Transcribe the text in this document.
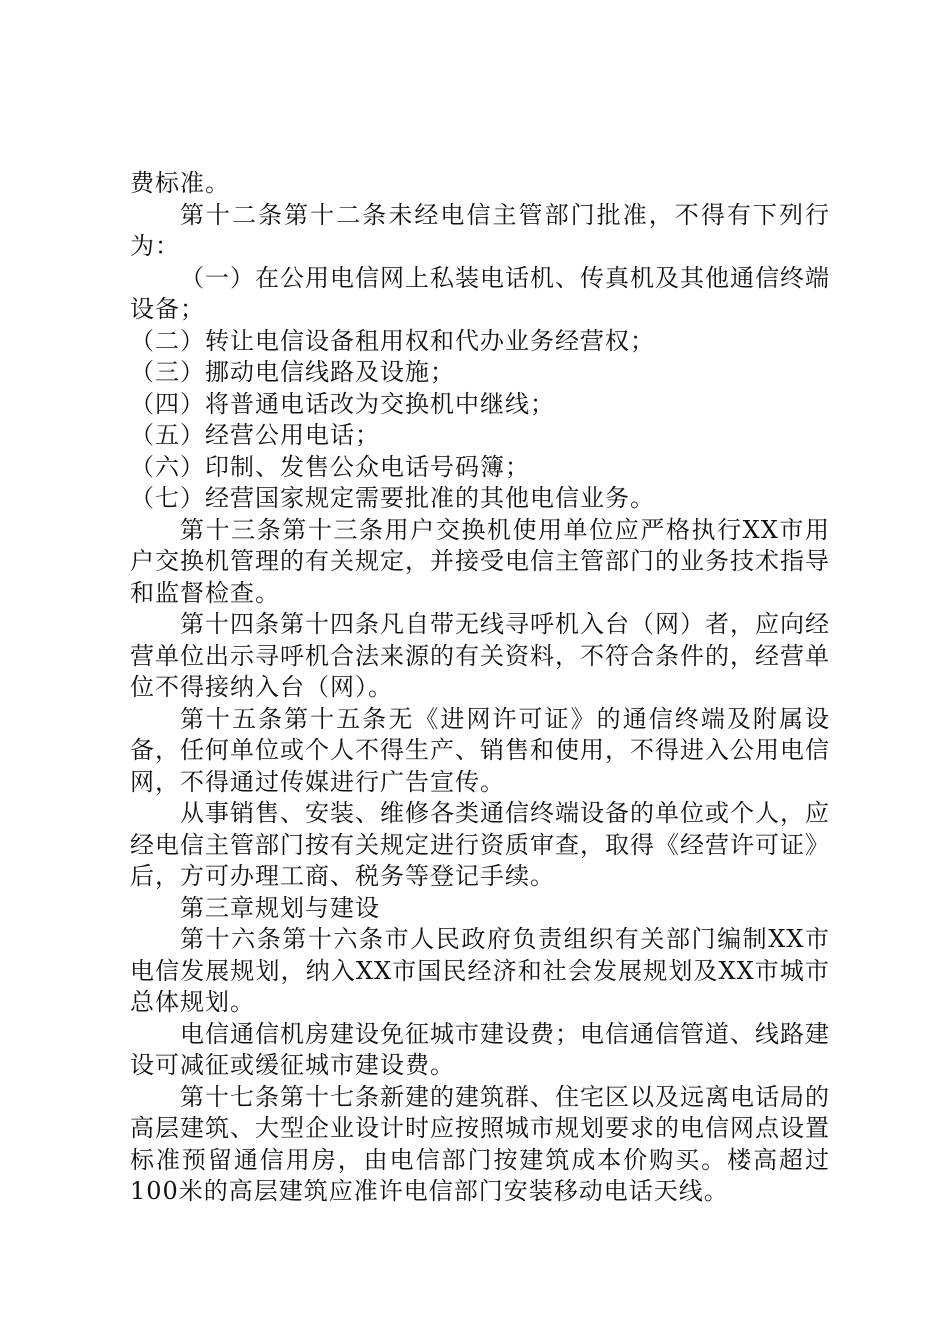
费标准。

第十二条第十二条未经电信主管部门批准，不得有下列行为：

（一）在公用电信网上私装电话机、传真机及其他通信终端设备；

（二）转让电信设备租用权和代办业务经营权；

（三）挪动电信线路及设施；

（四）将普通电话改为交换机中继线；

（五）经营公用电话；

（六）印制、发售公众电话号码簿；

（七）经营国家规定需要批准的其他电信业务。

第十三条第十三条用户交换机使用单位应严格执行XX市用户交换机管理的有关规定，并接受电信主管部门的业务技术指导和监督检查。

第十四条第十四条凡自带无线寻呼机入台（网）者，应向经营单位出示寻呼机合法来源的有关资料，不符合条件的，经营单位不得接纳入台（网）。

第十五条第十五条无《进网许可证》的通信终端及附属设备，任何单位或个人不得生产、销售和使用，不得进入公用电信网，不得通过传媒进行广告宣传。

从事销售、安装、维修各类通信终端设备的单位或个人，应经电信主管部门按有关规定进行资质审查，取得《经营许可证》后，方可办理工商、税务等登记手续。

第三章规划与建设

第十六条第十六条市人民政府负责组织有关部门编制XX市电信发展规划，纳入XX市国民经济和社会发展规划及XX市城市总体规划。

电信通信机房建设免征城市建设费；电信通信管道、线路建设可减征或缓征城市建设费。

第十七条第十七条新建的建筑群、住宅区以及远离电话局的高层建筑、大型企业设计时应按照城市规划要求的电信网点设置标准预留通信用房，由电信部门按建筑成本价购买。楼高超过100米的高层建筑应准许电信部门安装移动电话天线。
